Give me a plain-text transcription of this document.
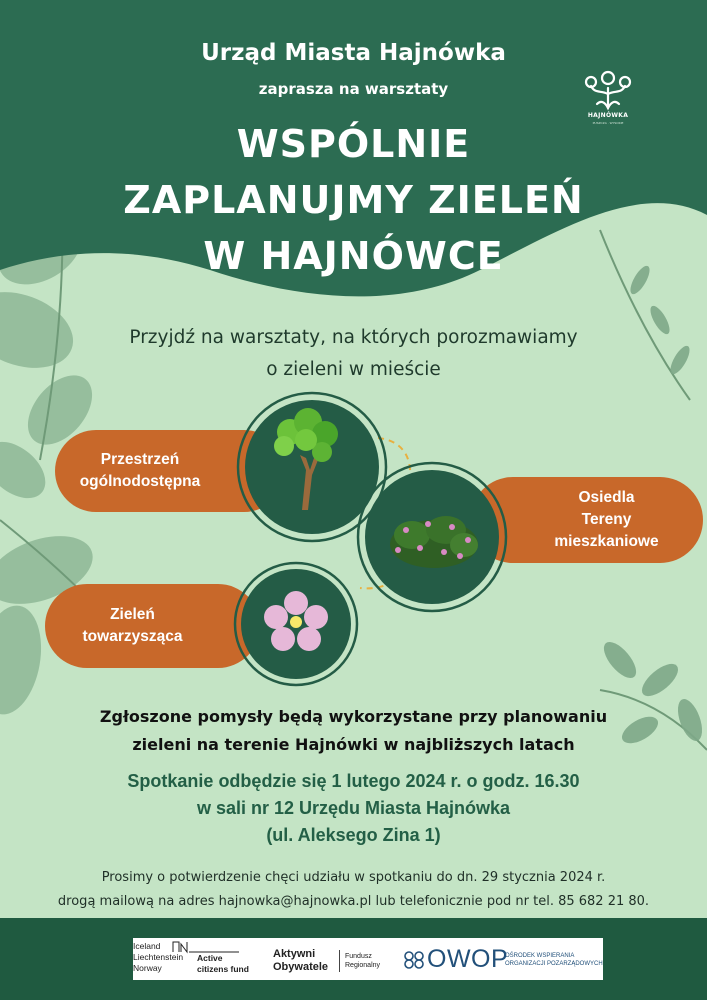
Urząd Miasta Hajnówka
zaprasza na warsztaty
WSPÓLNIE
ZAPLANUJMY ZIELEŃ
W HAJNÓWCE
HAJNÓWKA
PUSZCZA · WYSOKIE
Przyjdź na warsztaty, na których porozmawiamy
o zieleni w mieście
Przestrzeń
ogólnodostępna
Osiedla
Tereny
mieszkaniowe
Zieleń
towarzysząca
Zgłoszone pomysły będą wykorzystane przy planowaniu
zieleni na terenie Hajnówki w najbliższych latach
Spotkanie odbędzie się 1 lutego 2024 r. o godz. 16.30
w sali nr 12 Urzędu Miasta Hajnówka
(ul. Aleksego Zina 1)
Prosimy o potwierdzenie chęci udziału w spotkaniu do dn. 29 stycznia 2024 r.
drogą mailową na adres hajnowka@hajnowka.pl lub telefonicznie pod nr tel. 85 682 21 80.
Iceland
Liechtenstein
Norway
Active
citizens fund
Aktywni
Obywatele
Fundusz
Regionalny OWOP
OŚRODEK WSPIERANIA
ORGANIZACJI POZARZĄDOWYCH
